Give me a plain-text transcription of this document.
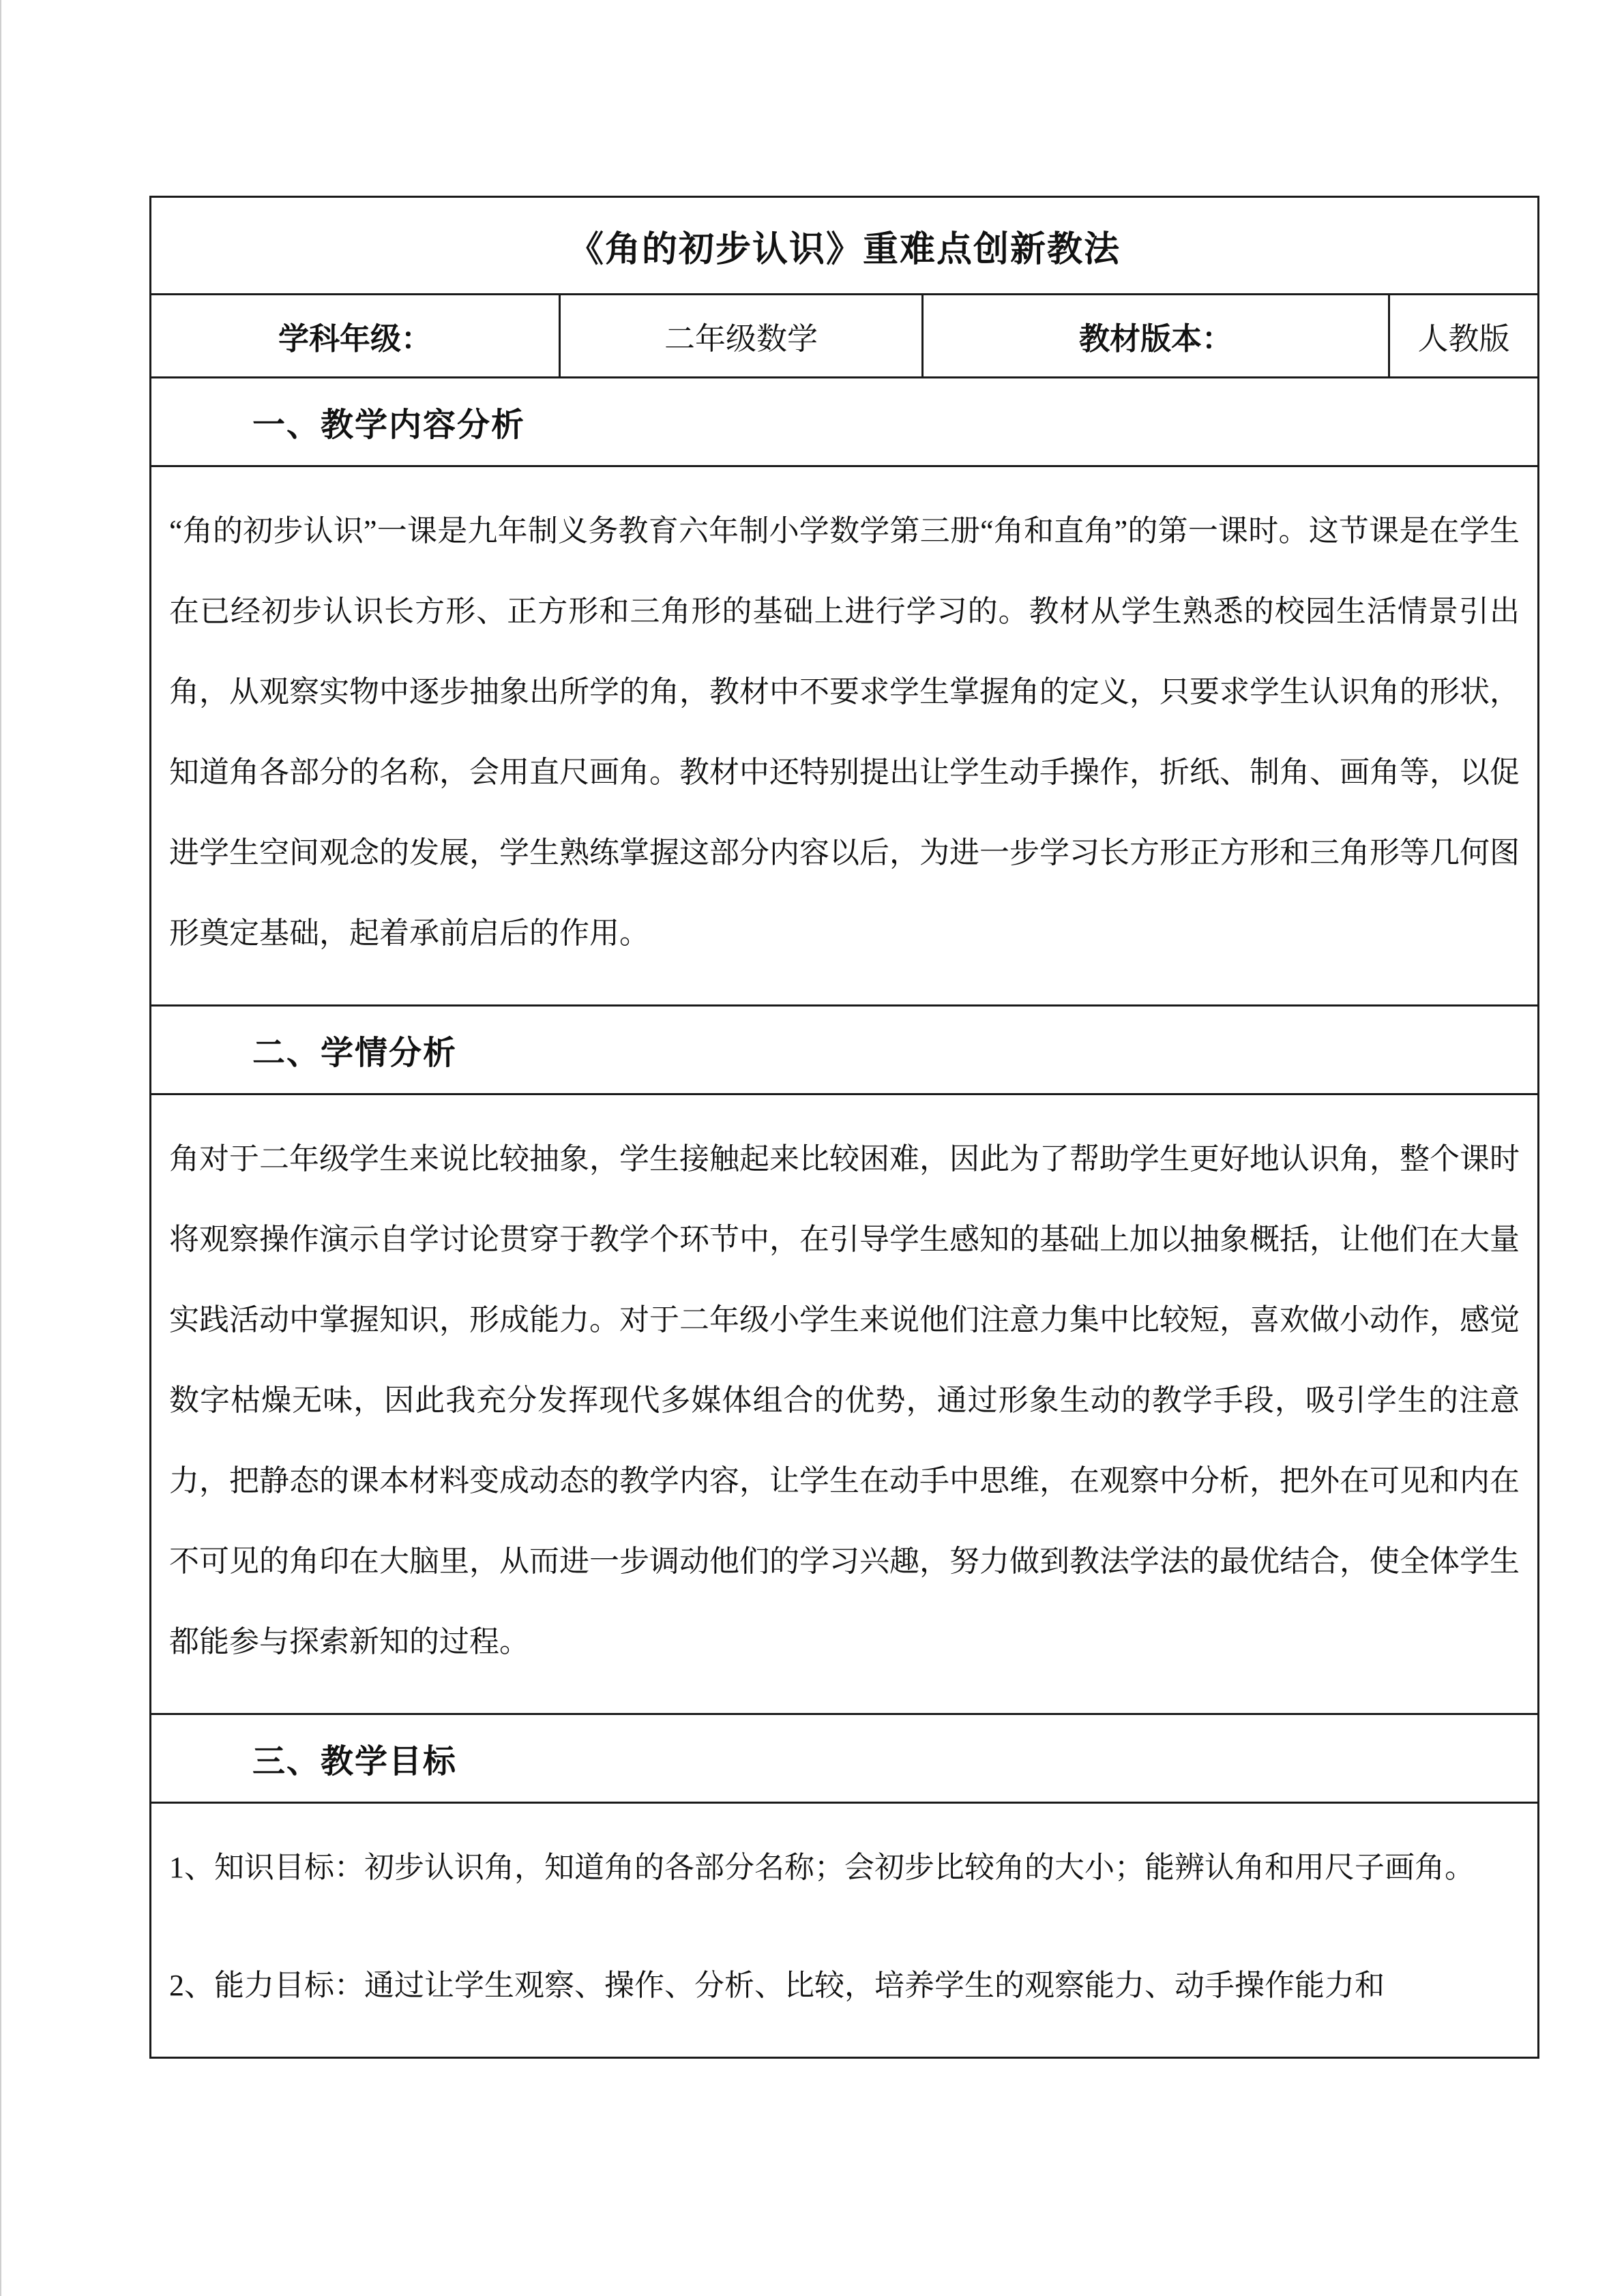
《角的初步认识》重难点创新教法
学科年级：	二年级数学	教材版本：	人教版
一、教学内容分析
“角的初步认识”一课是九年制义务教育六年制小学数学第三册“角和直角”的第一课时。这节课是在学生在已经初步认识长方形、正方形和三角形的基础上进行学习的。教材从学生熟悉的校园生活情景引出角，从观察实物中逐步抽象出所学的角，教材中不要求学生掌握角的定义，只要求学生认识角的形状，知道角各部分的名称，会用直尺画角。教材中还特别提出让学生动手操作，折纸、制角、画角等，以促进学生空间观念的发展，学生熟练掌握这部分内容以后，为进一步学习长方形正方形和三角形等几何图形奠定基础，起着承前启后的作用。
二、学情分析
角对于二年级学生来说比较抽象，学生接触起来比较困难，因此为了帮助学生更好地认识角，整个课时将观察操作演示自学讨论贯穿于教学个环节中，在引导学生感知的基础上加以抽象概括，让他们在大量实践活动中掌握知识，形成能力。对于二年级小学生来说他们注意力集中比较短，喜欢做小动作，感觉数字枯燥无味，因此我充分发挥现代多媒体组合的优势，通过形象生动的教学手段，吸引学生的注意力，把静态的课本材料变成动态的教学内容，让学生在动手中思维，在观察中分析，把外在可见和内在不可见的角印在大脑里，从而进一步调动他们的学习兴趣，努力做到教法学法的最优结合，使全体学生都能参与探索新知的过程。
三、教学目标
1、知识目标：初步认识角，知道角的各部分名称；会初步比较角的大小；能辨认角和用尺子画角。
2、能力目标：通过让学生观察、操作、分析、比较，培养学生的观察能力、动手操作能力和
